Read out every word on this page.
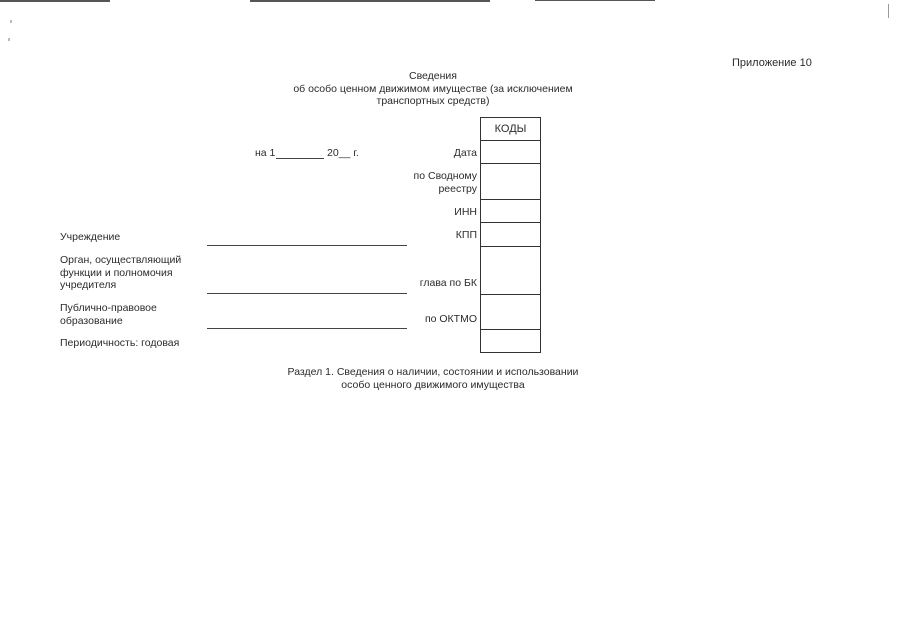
Приложение 10
Сведения
об особо ценном движимом имуществе (за исключением
транспортных средств)
на 1	20__ г.
КОДЫ
Дата
по Сводному
реестру
ИНН
КПП
глава по БК
по ОКТМО
Учреждение
Орган, осуществляющий
функции и полномочия
учредителя
Публично-правовое
образование
Периодичность: годовая
Раздел 1. Сведения о наличии, состоянии и использовании
особо ценного движимого имущества
